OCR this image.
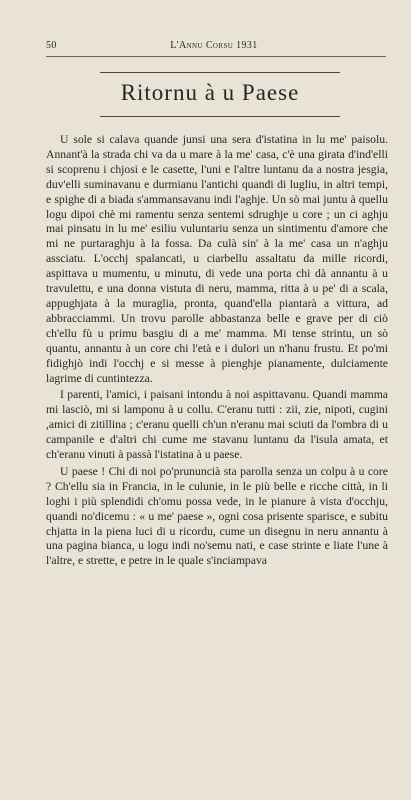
50	L'Annu Corsu 1931
Ritornu à u Paese

U sole si calava quande junsi una sera d'istatina in lu me' paisolu. Annant'à la strada chi va da u mare à la me' casa, c'è una girata d'ind'elli si scoprenu i chjosi e le casette, l'uni e l'altre luntanu da a nostra jesgia, duv'elli suminavanu e durmianu l'antichi quandi di lugliu, in altri tempi, e spighe di a biada s'ammansavanu indi l'aghje. Un sò mai juntu à quellu logu dipoi chè mi ramentu senza sentemi sdrughje u core ; un ci aghju mai pinsatu in lu me' esiliu vuluntariu senza un sintimentu d'amore che mi ne purtaraghju à la fossa. Da culà sin' à la me' casa un n'aghju assciatu. L'occhj spalancati, u ciarbellu assaltatu da mille ricordi, aspittava u mumentu, u minutu, di vede una porta chi dà annantu à u travulettu, e una donna vistuta di neru, mamma, ritta à u pe' di a scala, appughjata à la muraglia, pronta, quand'ella piantarà a vittura, ad abbracciammi. Un trovu parolle abbastanza belle e grave per di ciò ch'ellu fù u primu basgiu di a me' mamma. Mi tense strintu, un sò quantu, annantu à un core chi l'età e i dulori un n'hanu frustu. Et po'mi fidighjò indi l'occhj e si messe à pienghje pianamente, dulciamente lagrime di cuntintezza.

I parenti, l'amici, i paisani intondu à noi aspittavanu. Quandi mamma mi lasciò, mi si lamponu à u collu. C'eranu tutti : zii, zie, nipoti, cugini ,amici di zitillina ; c'eranu quelli ch'un n'eranu mai sciuti da l'ombra di u campanile e d'altri chi cume me stavanu luntanu da l'isula amata, et ch'eranu vinuti à passà l'istatina à u paese.

U paese ! Chi di noi po'prununcià sta parolla senza un colpu à u core ? Ch'ellu sia in Francia, in le culunie, in le più belle e ricche città, in li loghi i più splendidi ch'omu possa vede, in le pianure à vista d'occhju, quandi no'dicemu : « u me' paese », ogni cosa prisente sparisce, e subitu chjatta in la piena luci di u ricordu, cume un disegnu in neru annantu à una pagina bianca, u logu indi no'semu nati, e case strinte e liate l'une à l'altre, e strette, e petre in le quale s'inciampava
